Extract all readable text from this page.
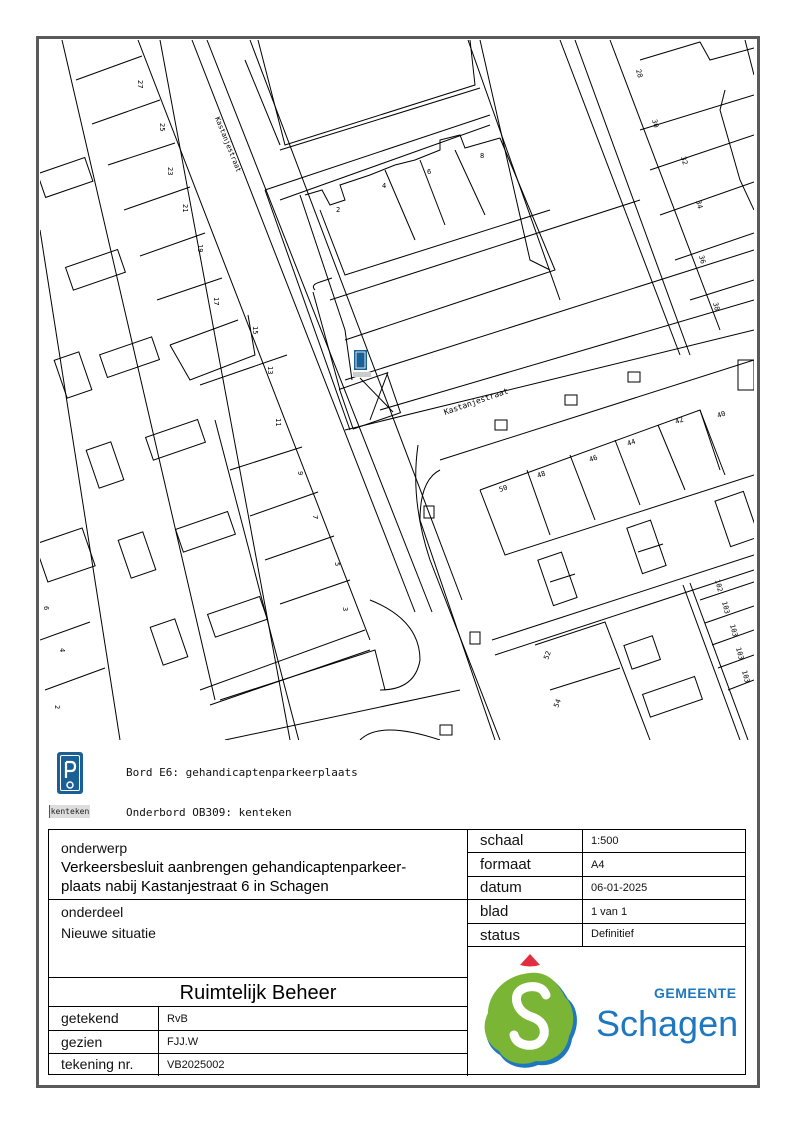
Kastanjestraat
Kastanjestraat
27
25
23
21
19
17
15
13
11
9
7
5
3
6
4
2
2
4
6
8
28
30
32
34
36
38
40
42
44
46
48
50
52
54
102
103
103
103
103
Bord E6: gehandicaptenparkeerplaats
kenteken	Onderbord OB309: kenteken
onderwerp
Verkeersbesluit aanbrengen gehandicaptenparkeer-
plaats nabij Kastanjestraat 6 in Schagen
onderdeel
Nieuwe situatie
Ruimtelijk Beheer
getekend	RvB
gezien	FJJ.W
tekening nr.	VB2025002
schaal	1:500
formaat	A4
datum	06-01-2025
blad	1 van 1
status	Definitief
GEMEENTE
Schagen
